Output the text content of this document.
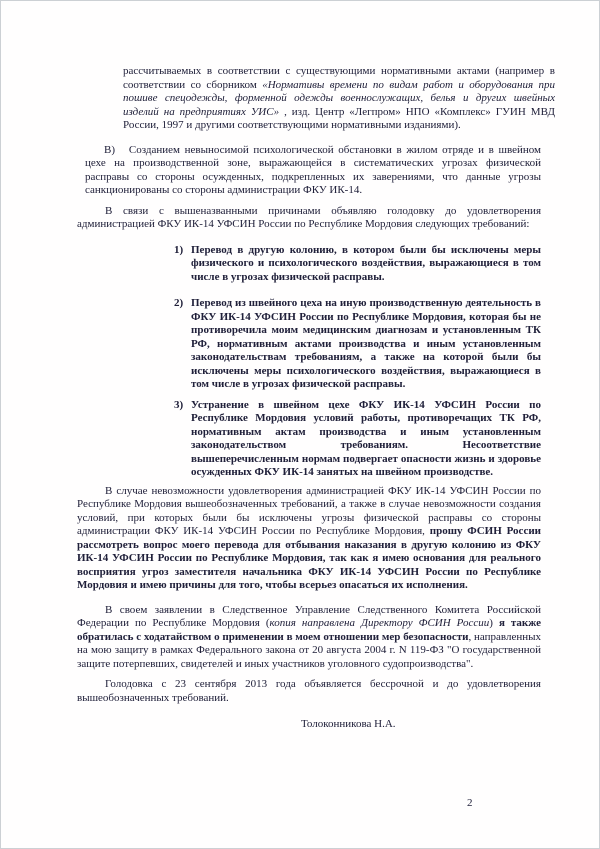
рассчитываемых в соответствии с существующими нормативными актами (например в соответствии со сборником «Нормативы времени по видам работ и оборудования при пошиве спецодежды, форменной одежды военнослужащих, белья и других швейных изделий на предприятиях УИС» , изд. Центр «Легпром» НПО «Комплекс» ГУИН МВД России, 1997 и другими соответствующими нормативными изданиями).

В)   Созданием невыносимой психологической обстановки в жилом отряде и в швейном цехе на производственной зоне, выражающейся в систематических угрозах физической расправы со стороны осужденных, подкрепленных их заверениями, что данные угрозы санкционированы со стороны администрации ФКУ ИК-14.

В связи с вышеназванными причинами объявляю голодовку до удовлетворения администрацией ФКУ ИК-14 УФСИН России по Республике Мордовия следующих требований:

1) Перевод в другую колонию, в котором были бы исключены меры физического и психологического воздействия, выражающиеся в том числе в угрозах физической расправы.
2) Перевод из швейного цеха на иную производственную деятельность в ФКУ ИК-14 УФСИН России по Республике Мордовия, которая бы не противоречила моим медицинским диагнозам и установленным ТК РФ, нормативным актами производства и иным установленным законодательствам требованиям, а также на которой были бы исключены меры психологического воздействия, выражающиеся в том числе в угрозах физической расправы.
3) Устранение в швейном цехе ФКУ ИК-14 УФСИН России по Республике Мордовия условий работы, противоречащих ТК РФ, нормативным актам производства и иным установленным законодательством требованиям. Несоответствие вышеперечисленным нормам подвергает опасности жизнь и здоровье осужденных ФКУ ИК-14 занятых на швейном производстве.

В случае невозможности удовлетворения администрацией ФКУ ИК-14 УФСИН России по Республике Мордовия вышеобозначенных требований, а также в случае невозможности создания условий, при которых были бы исключены угрозы физической расправы со стороны администрации ФКУ ИК-14 УФСИН России по Республике Мордовия, прошу ФСИН России рассмотреть вопрос моего перевода для отбывания наказания в другую колонию из ФКУ ИК-14 УФСИН России по Республике Мордовия, так как я имею основания для реального восприятия угроз заместителя начальника ФКУ ИК-14 УФСИН России по Республике Мордовия и имею причины для того, чтобы всерьез опасаться их исполнения.

В своем заявлении в Следственное Управление Следственного Комитета Российской Федерации по Республике Мордовия (копия направлена Директору ФСИН России) я также обратилась с ходатайством о применении в моем отношении мер безопасности, направленных на мою защиту в рамках Федерального закона от 20 августа 2004 г. N 119-ФЗ "О государственной защите потерпевших, свидетелей и иных участников уголовного судопроизводства".

Голодовка с 23 сентября 2013 года объявляется бессрочной и до удовлетворения вышеобозначенных требований.

Толоконникова Н.А.

2
